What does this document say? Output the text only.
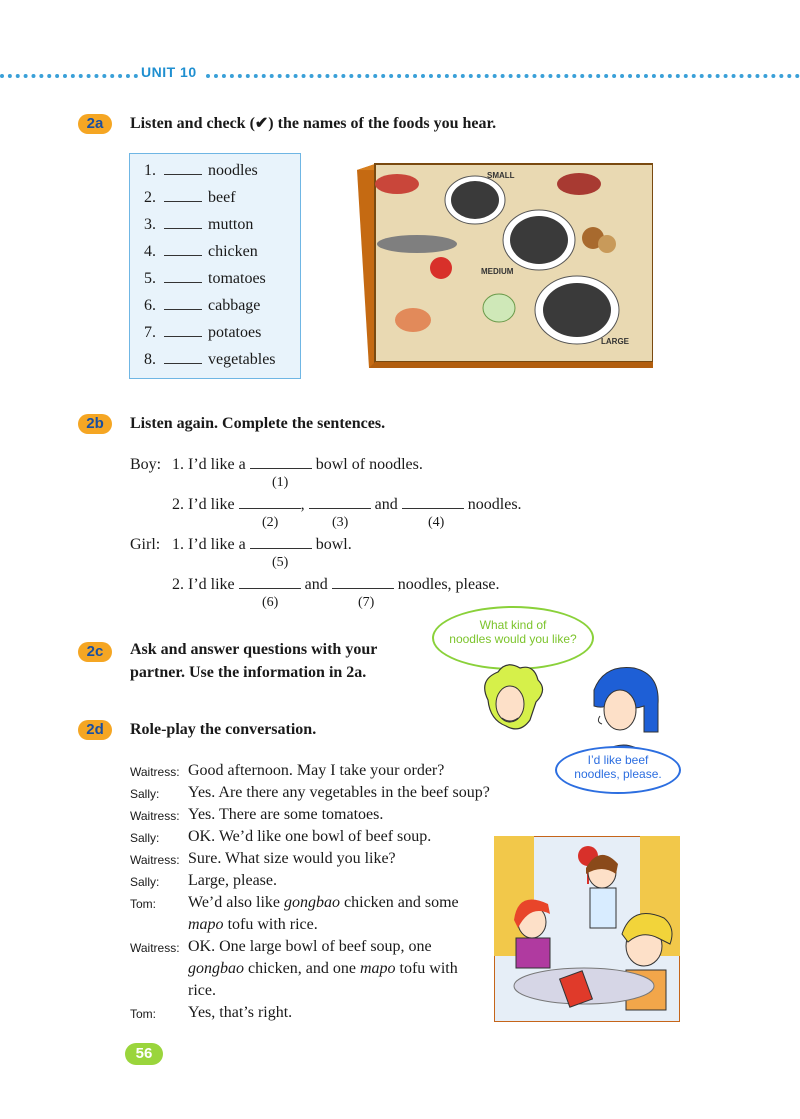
UNIT 10
2a	Listen and check (✔) the names of the foods you hear.
1.	noodles
2.	beef
3.	mutton
4.	chicken
5.	tomatoes
6.	cabbage
7.	potatoes
8.	vegetables
SMALL
MEDIUM
LARGE
2b	Listen again. Complete the sentences.
Boy: 1. I’d like a	bowl of noodles.
(1)
2. I’d like	,	and	noodles.
(2)	(3)	(4)
Girl: 1. I’d like a	bowl.
(5)
2. I’d like	and	noodles, please.
(6)	(7)
2c	Ask and answer questions with your
partner. Use the information in 2a.
What kind of
noodles would you like?
I’d like beef
noodles, please.
2d	Role-play the conversation.
Waitress: Good afternoon. May I take your order?
Sally: Yes. Are there any vegetables in the beef soup?
Waitress: Yes. There are some tomatoes.
Sally: OK. We’d like one bowl of beef soup.
Waitress: Sure. What size would you like?
Sally: Large, please.
Tom: We’d also like gongbao chicken and some
mapo tofu with rice.
Waitress: OK. One large bowl of beef soup, one
gongbao chicken, and one mapo tofu with
rice.
Tom: Yes, that’s right.
56
